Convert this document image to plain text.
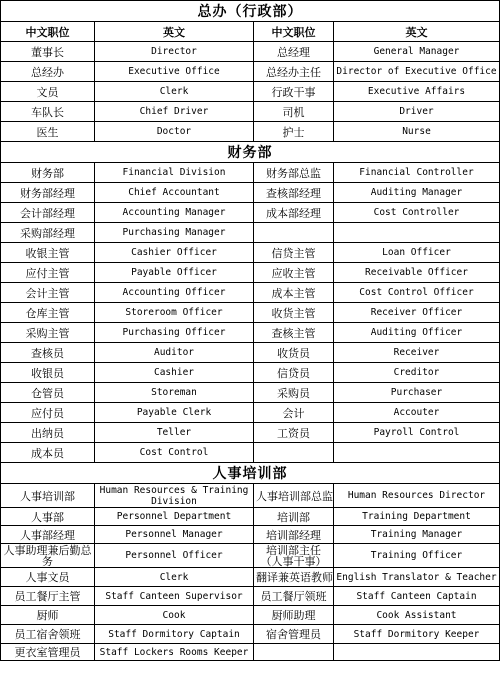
总办（行政部）			
中文职位	英文	中文职位	英文
董事长	Director	总经理	General Manager
总经办	Executive Office	总经办主任	Director of Executive Office
文员	Clerk	行政干事	Executive Affairs
车队长	Chief Driver	司机	Driver
医生	Doctor	护士	Nurse
财务部			
财务部	Financial Division	财务部总监	Financial Controller
财务部经理	Chief Accountant	查核部经理	Auditing Manager
会计部经理	Accounting Manager	成本部经理	Cost Controller
采购部经理	Purchasing Manager		
收银主管	Cashier Officer	信贷主管	Loan Officer
应付主管	Payable Officer	应收主管	Receivable Officer
会计主管	Accounting Officer	成本主管	Cost Control Officer
仓库主管	Storeroom Officer	收货主管	Receiver Officer
采购主管	Purchasing Officer	查核主管	Auditing Officer
查核员	Auditor	收货员	Receiver
收银员	Cashier	信贷员	Creditor
仓管员	Storeman	采购员	Purchaser
应付员	Payable Clerk	会计	Accouter
出纳员	Teller	工资员	Payroll Control
成本员	Cost Control		
人事培训部			
人事培训部	Human Resources & Training Division	人事培训部总监	Human Resources Director
人事部	Personnel Department	培训部	Training Department
人事部经理	Personnel Manager	培训部经理	Training Manager
人事助理兼后勤总务	Personnel Officer	培训部主任（人事干事）	Training Officer
人事文员	Clerk	翻译兼英语教师	English Translator & Teacher
员工餐厅主管	Staff Canteen Supervisor	员工餐厅领班	Staff Canteen Captain
厨师	Cook	厨师助理	Cook Assistant
员工宿舍领班	Staff Dormitory Captain	宿舍管理员	Staff Dormitory Keeper
更衣室管理员	Staff Lockers Rooms Keeper		
